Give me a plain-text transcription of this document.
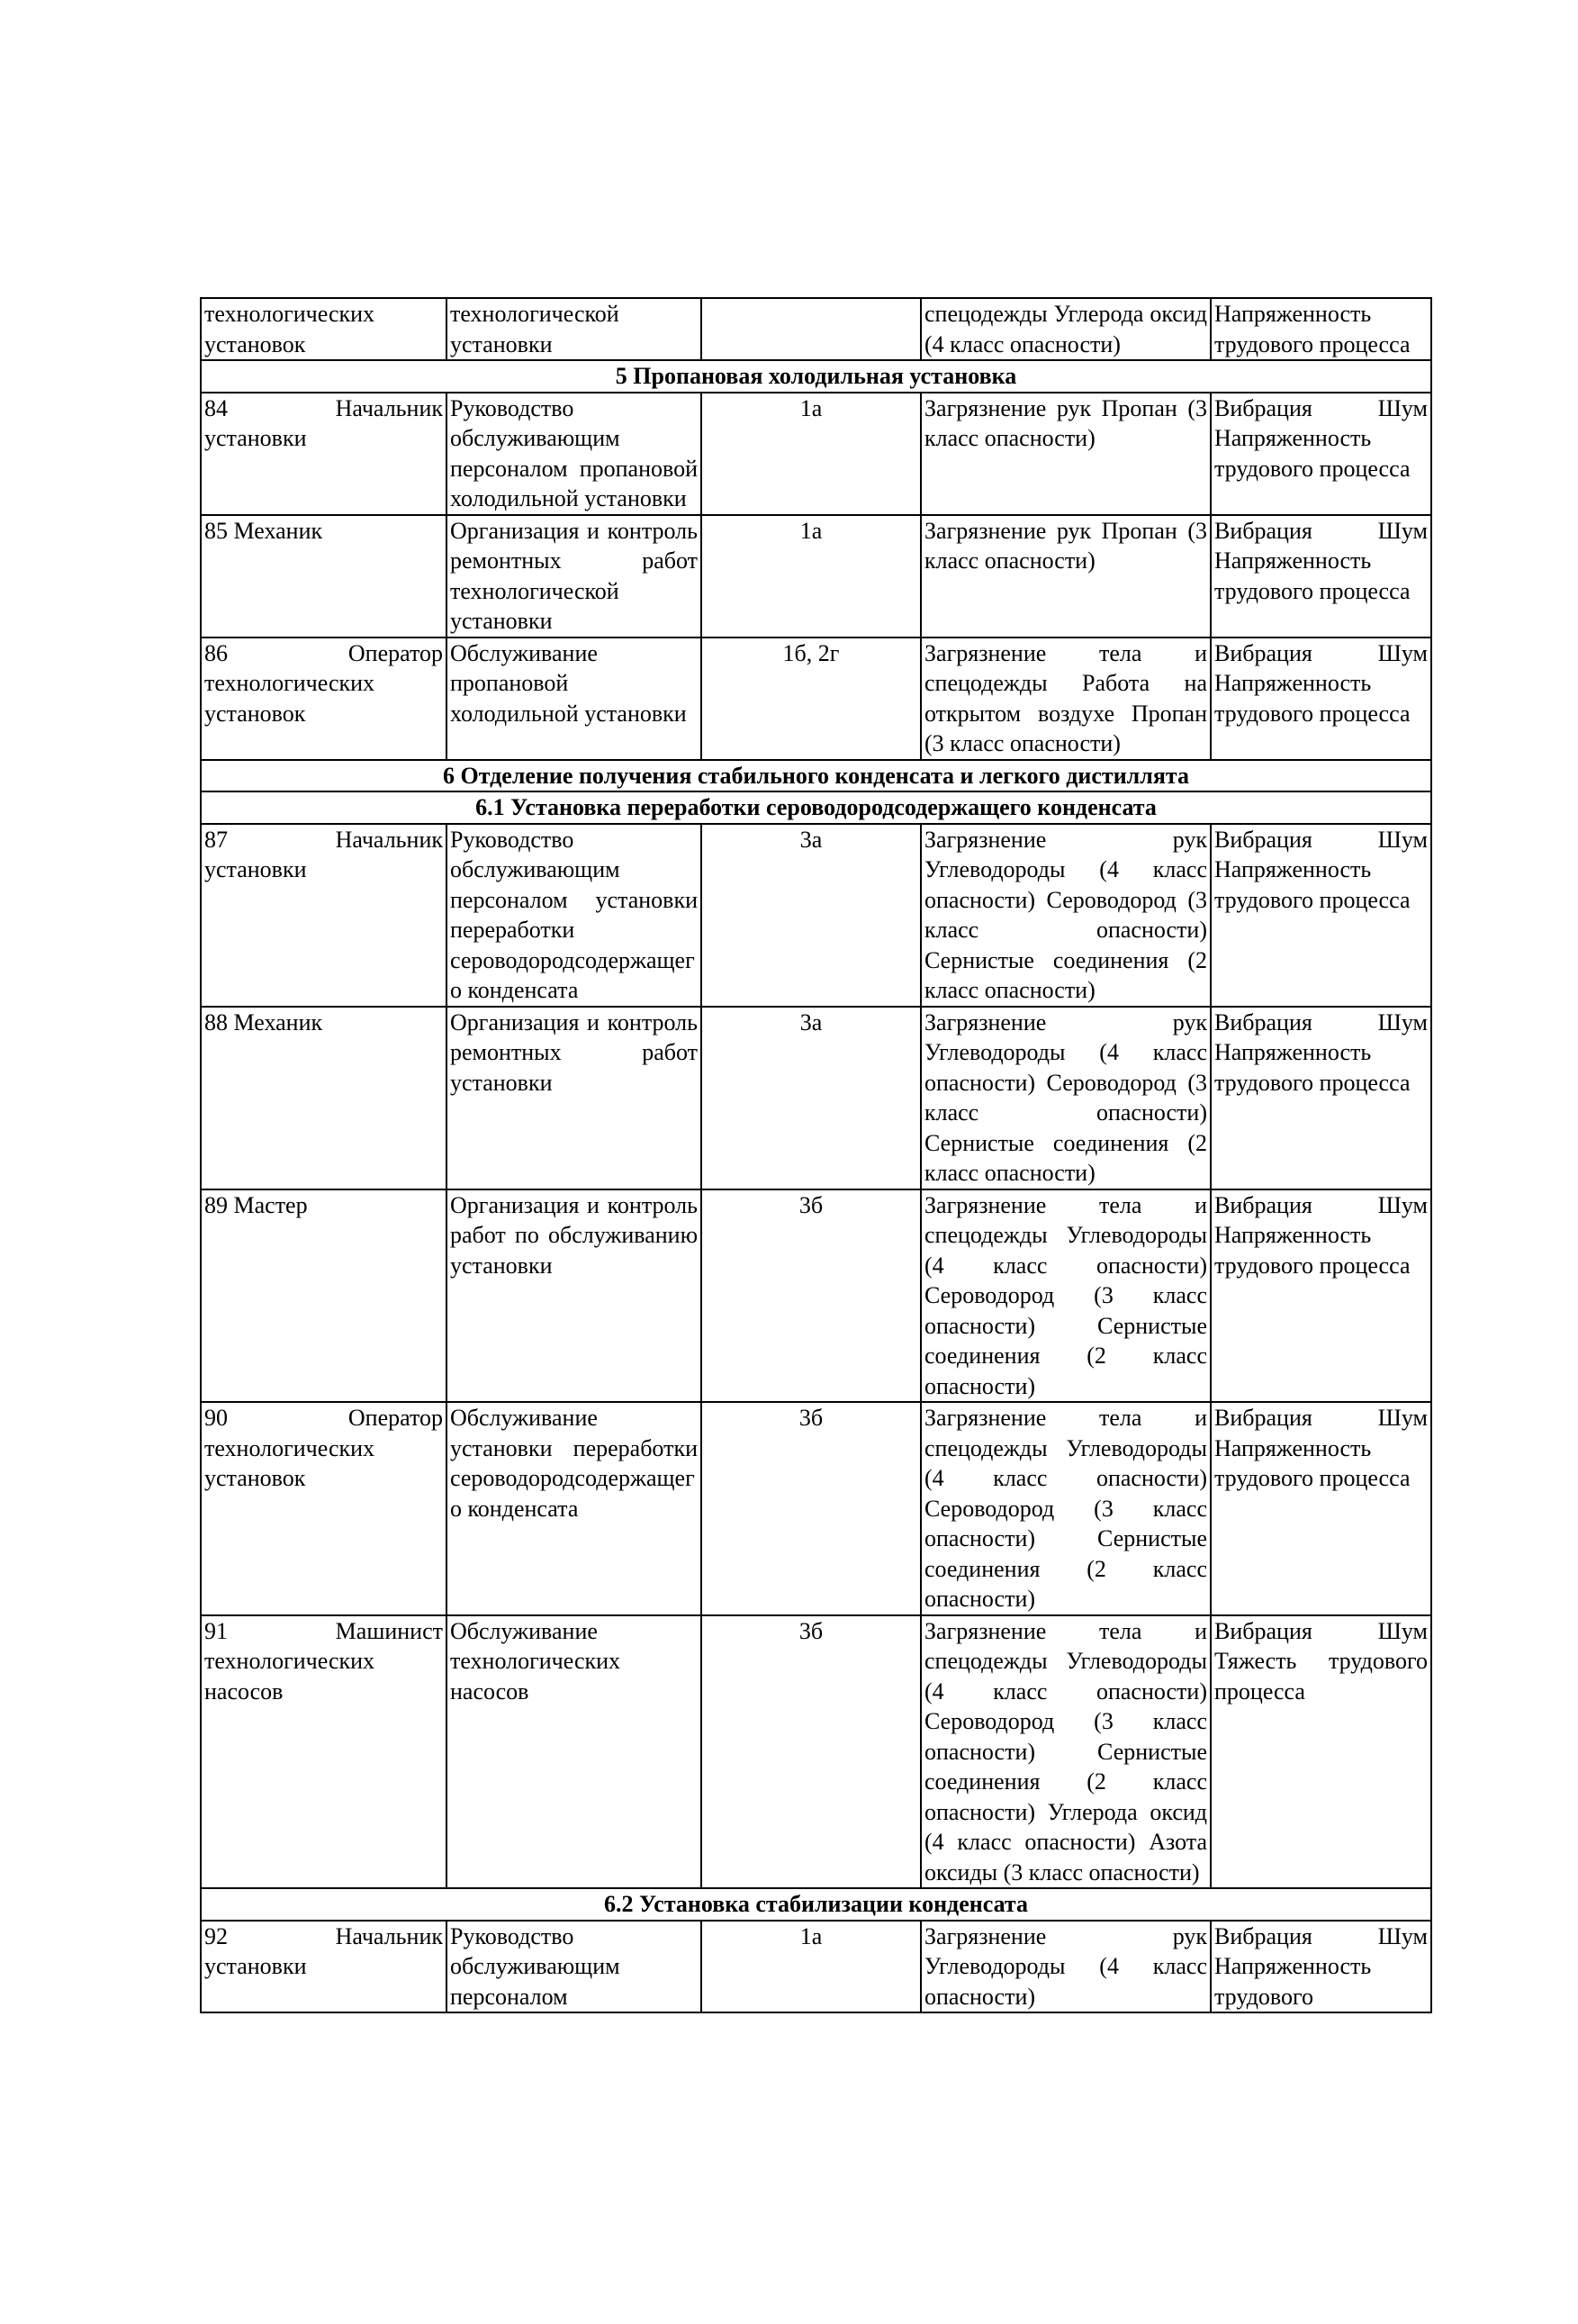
технологических установок	технологической установки		спецодежды Углерода оксид (4 класс опасности)	Напряженность трудового процесса
5 Пропановая холодильная установка				
84 Начальник установки	Руководство обслуживающим персоналом пропановой холодильной установки	1а	Загрязнение рук Пропан (3 класс опасности)	Вибрация Шум Напряженность трудового процесса
85 Механик	Организация и контроль ремонтных работ технологической установки	1а	Загрязнение рук Пропан (3 класс опасности)	Вибрация Шум Напряженность трудового процесса
86 Оператор технологических установок	Обслуживание пропановой холодильной установки	1б, 2г	Загрязнение тела и спецодежды Работа на открытом воздухе Пропан (3 класс опасности)	Вибрация Шум Напряженность трудового процесса
6 Отделение получения стабильного конденсата и легкого дистиллята				
6.1 Установка переработки сероводородсодержащего конденсата				
87 Начальник установки	Руководство обслуживающим персоналом установки переработки сероводородсодержащего конденсата	3а	Загрязнение рук Углеводороды (4 класс опасности) Сероводород (3 класс опасности) Сернистые соединения (2 класс опасности)	Вибрация Шум Напряженность трудового процесса
88 Механик	Организация и контроль ремонтных работ установки	3а	Загрязнение рук Углеводороды (4 класс опасности) Сероводород (3 класс опасности) Сернистые соединения (2 класс опасности)	Вибрация Шум Напряженность трудового процесса
89 Мастер	Организация и контроль работ по обслуживанию установки	3б	Загрязнение тела и спецодежды Углеводороды (4 класс опасности) Сероводород (3 класс опасности) Сернистые соединения (2 класс опасности)	Вибрация Шум Напряженность трудового процесса
90 Оператор технологических установок	Обслуживание установки переработки сероводородсодержащего конденсата	3б	Загрязнение тела и спецодежды Углеводороды (4 класс опасности) Сероводород (3 класс опасности) Сернистые соединения (2 класс опасности)	Вибрация Шум Напряженность трудового процесса
91 Машинист технологических насосов	Обслуживание технологических насосов	3б	Загрязнение тела и спецодежды Углеводороды (4 класс опасности) Сероводород (3 класс опасности) Сернистые соединения (2 класс опасности) Углерода оксид (4 класс опасности) Азота оксиды (3 класс опасности)	Вибрация Шум Тяжесть трудового процесса
6.2 Установка стабилизации конденсата				
92 Начальник установки	Руководство обслуживающим персоналом	1а	Загрязнение рук Углеводороды (4 класс опасности)	Вибрация Шум Напряженность трудового
